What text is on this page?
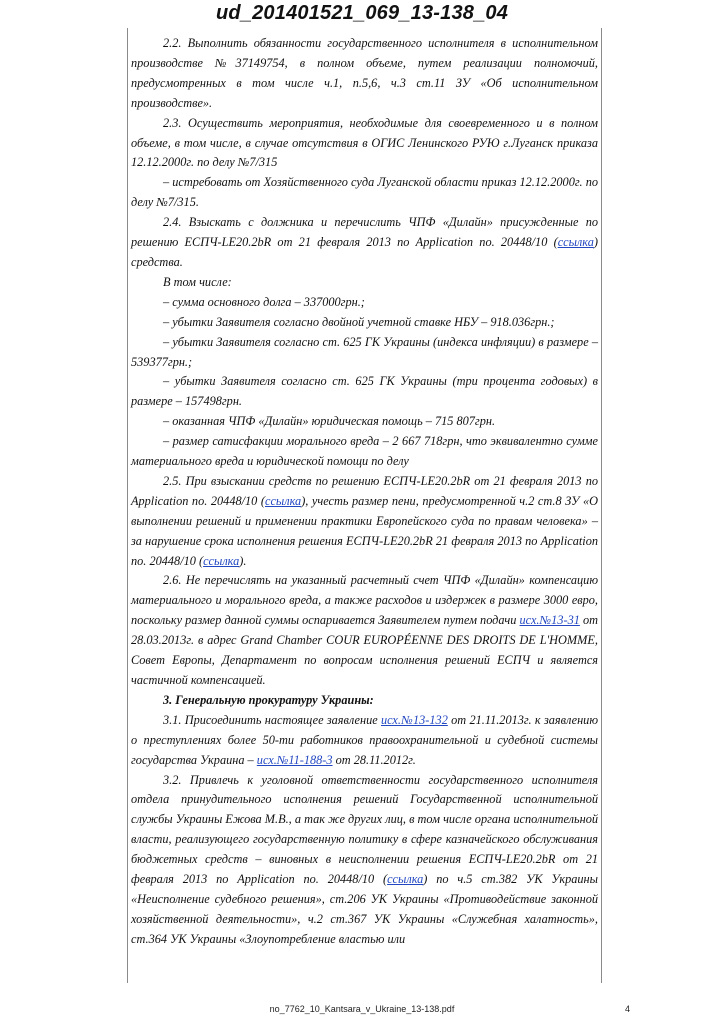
ud_201401521_069_13-138_04

2.2. Выполнить обязанности государственного исполнителя в исполнительном производстве №37149754, в полном объеме, путем реализации полномочий, предусмотренных в том числе ч.1, п.5,6, ч.3 ст.11 ЗУ «Об исполнительном производстве».

2.3. Осуществить мероприятия, необходимые для своевременного и в полном объеме, в том числе, в случае отсутствия в ОГИС Ленинского РУЮ г.Луганск приказа 12.12.2000г. по делу №7/315

– истребовать от Хозяйственного суда Луганской области приказ 12.12.2000г. по делу №7/315.

2.4. Взыскать с должника и перечислить ЧПФ «Дилайн» присужденные по решению ЕСПЧ-LE20.2bR от 21 февраля 2013 по Application no. 20448/10 (ссылка) средства.

В том числе:

– сумма основного долга – 337000грн.;

– убытки Заявителя согласно двойной учетной ставке НБУ – 918.036грн.;

– убытки Заявителя согласно ст. 625 ГК Украины (индекса инфляции) в размере – 539377грн.;

– убытки Заявителя согласно ст. 625 ГК Украины (три процента годовых) в размере – 157498грн.

– оказанная ЧПФ «Дилайн» юридическая помощь – 715 807грн.

– размер сатисфакции морального вреда – 2 667 718грн, что эквивалентно сумме материального вреда и юридической помощи по делу

2.5. При взыскании средств по решению ЕСПЧ-LE20.2bR от 21 февраля 2013 по Application no. 20448/10 (ссылка), учесть размер пени, предусмотренной ч.2 ст.8 ЗУ «О выполнении решений и применении практики Европейского суда по правам человека» – за нарушение срока исполнения решения ЕСПЧ-LE20.2bR 21 февраля 2013 по Application no. 20448/10 (ссылка).

2.6. Не перечислять на указанный расчетный счет ЧПФ «Дилайн» компенсацию материального и морального вреда, а также расходов и издержек в размере 3000 евро, поскольку размер данной суммы оспаривается Заявителем путем подачи исх.№13-31 от 28.03.2013г. в адрес Grand Chamber COUR EUROPÉENNE DES DROITS DE L'HOMME, Совет Европы, Департамент по вопросам исполнения решений ЕСПЧ и является частичной компенсацией.

3. Генеральную прокуратуру Украины:

3.1. Присоединить настоящее заявление исх.№13-132 от 21.11.2013г. к заявлению о преступлениях более 50-ти работников правоохранительной и судебной системы государства Украина – исх.№11-188-3 от 28.11.2012г.

3.2. Привлечь к уголовной ответственности государственного исполнителя отдела принудительного исполнения решений Государственной исполнительной службы Украины Ежова М.В., а так же других лиц, в том числе органа исполнительной власти, реализующего государственную политику в сфере казначейского обслуживания бюджетных средств – виновных в неисполнении решения ЕСПЧ-LE20.2bR от 21 февраля 2013 по Application no. 20448/10 (ссылка) по ч.5 ст.382 УК Украины «Неисполнение судебного решения», ст.206 УК Украины «Противодействие законной хозяйственной деятельности», ч.2 ст.367 УК Украины «Служебная халатность», ст.364 УК Украины «Злоупотребление властью или

no_7762_10_Kantsara_v_Ukraine_13-138.pdf	4
